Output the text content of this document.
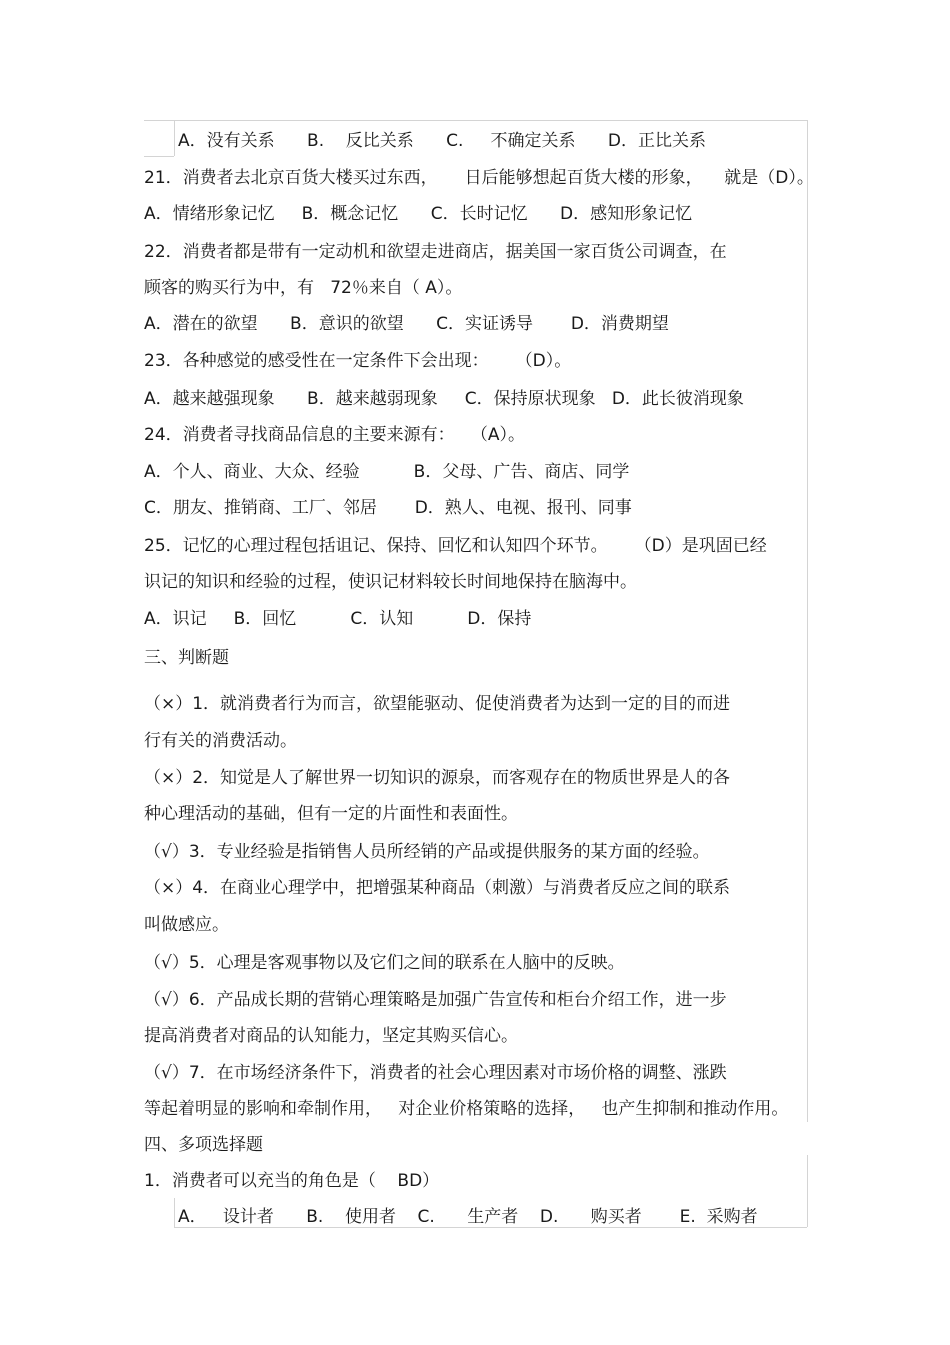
A．没有关系      B.    反比关系      C.     不确定关系      D．正比关系
21．消费者去北京百货大楼买过东西，     日后能够想起百货大楼的形象，    就是（D）。
A．情绪形象记忆     B．概念记忆      C．长时记忆      D．感知形象记忆
22．消费者都是带有一定动机和欲望走进商店，据美国一家百货公司调查，在
顾客的购买行为中，有   72％来自（ A）。
A．潜在的欲望      B．意识的欲望      C．实证诱导       D．消费期望
23．各种感觉的感受性在一定条件下会出现：     （D）。
A．越来越强现象      B．越来越弱现象     C．保持原状现象   D．此长彼消现象
24．消费者寻找商品信息的主要来源有：   （A）。
A．个人、商业、大众、经验          B．父母、广告、商店、同学
C．朋友、推销商、工厂、邻居       D．熟人、电视、报刊、同事
25．记忆的心理过程包括诅记、保持、回忆和认知四个环节。     （D）是巩固已经
识记的知识和经验的过程，使识记材料较长时间地保持在脑海中。
A．识记     B．回忆          C．认知          D．保持
三、判断题
（×）1．就消费者行为而言，欲望能驱动、促使消费者为达到一定的目的而进
行有关的消费活动。
（×）2．知觉是人了解世界一切知识的源泉，而客观存在的物质世界是人的各
种心理活动的基础，但有一定的片面性和表面性。
（√）3．专业经验是指销售人员所经销的产品或提供服务的某方面的经验。
（×）4．在商业心理学中，把增强某种商品（刺激）与消费者反应之间的联系
叫做感应。
（√）5．心理是客观事物以及它们之间的联系在人脑中的反映。
（√）6．产品成长期的营销心理策略是加强广告宣传和柜台介绍工作，进一步
提高消费者对商品的认知能力，坚定其购买信心。
（√）7．在市场经济条件下，消费者的社会心理因素对市场价格的调整、涨跌
等起着明显的影响和牵制作用，   对企业价格策略的选择，   也产生抑制和推动作用。
四、多项选择题
1．消费者可以充当的角色是（    BD）
A．   设计者      B.    使用者    C.      生产者    D.      购买者       E.  采购者
